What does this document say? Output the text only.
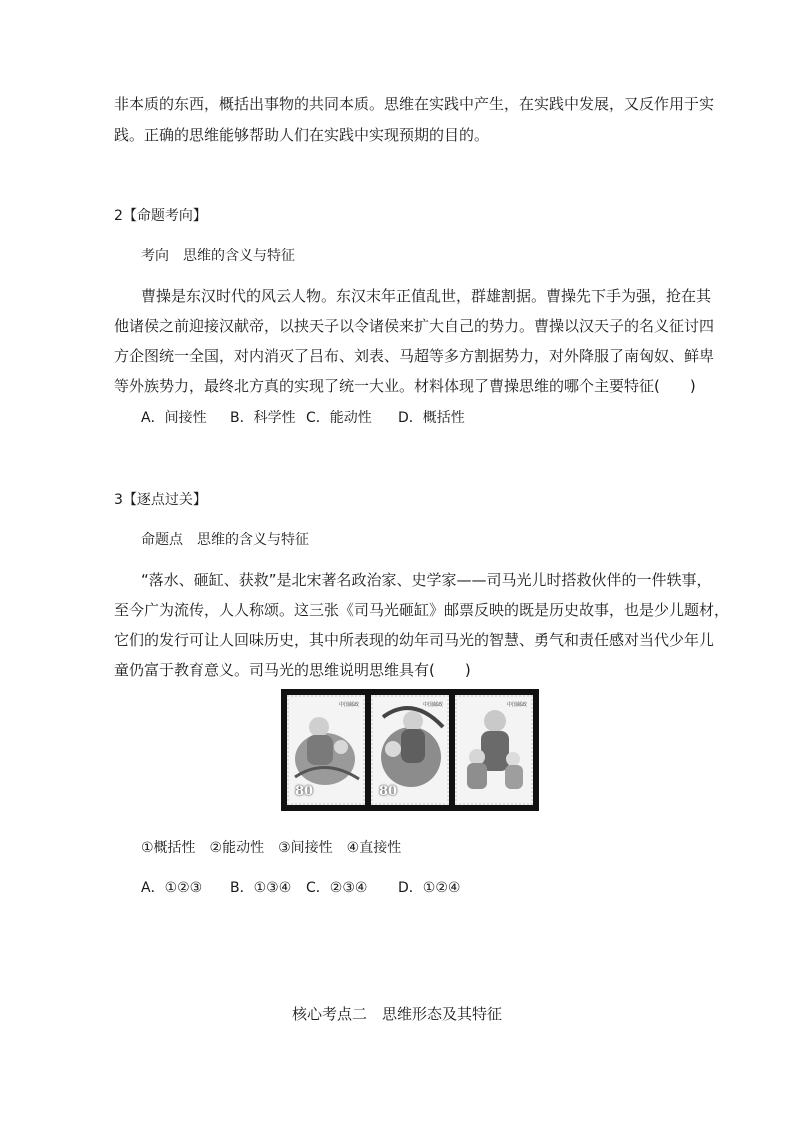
非本质的东西，概括出事物的共同本质。思维在实践中产生，在实践中发展，又反作用于实
践。正确的思维能够帮助人们在实践中实现预期的目的。
2【命题考向】
考向　思维的含义与特征
曹操是东汉时代的风云人物。东汉末年正值乱世，群雄割据。曹操先下手为强，抢在其
他诸侯之前迎接汉献帝，以挟天子以令诸侯来扩大自己的势力。曹操以汉天子的名义征讨四
方企图统一全国，对内消灭了吕布、刘表、马超等多方割据势力，对外降服了南匈奴、鲜卑
等外族势力，最终北方真的实现了统一大业。材料体现了曹操思维的哪个主要特征(　　)
A．间接性 B．科学性 C．能动性 D．概括性
3【逐点过关】
命题点　思维的含义与特征
“落水、砸缸、获救”是北宋著名政治家、史学家——司马光儿时搭救伙伴的一件轶事，
至今广为流传，人人称颂。这三张《司马光砸缸》邮票反映的既是历史故事，也是少儿题材，
它们的发行可让人回味历史，其中所表现的幼年司马光的智慧、勇气和责任感对当代少年儿
童仍富于教育意义。司马光的思维说明思维具有(　　)
中国邮政
80
中国邮政
80
中国邮政
①概括性　②能动性　③间接性　④直接性
A．①②③ B．①③④ C．②③④ D．①②④
核心考点二　思维形态及其特征
